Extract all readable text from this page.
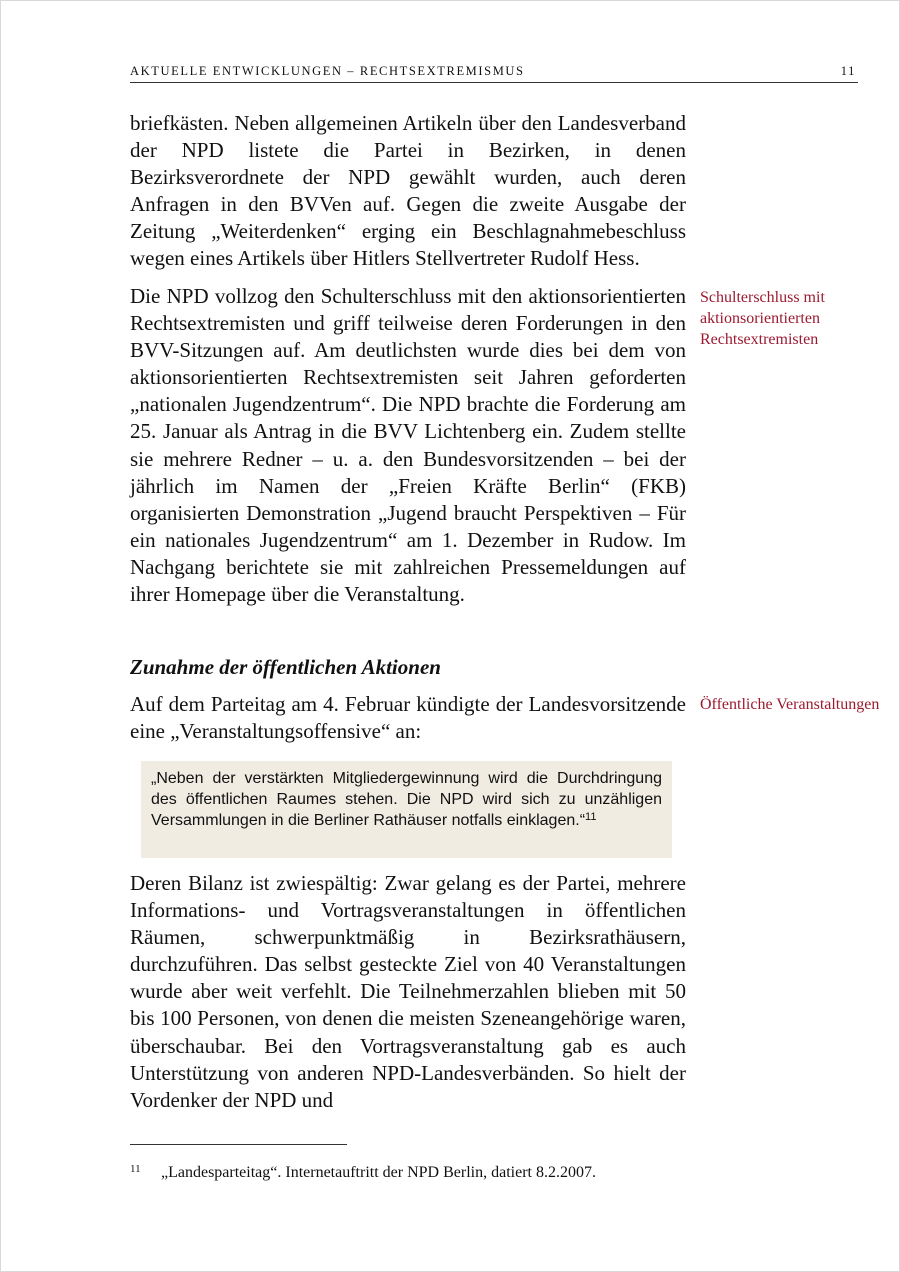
AKTUELLE ENTWICKLUNGEN – RECHTSEXTREMISMUS	11

briefkästen. Neben allgemeinen Artikeln über den Landesverband der NPD listete die Partei in Bezirken, in denen Bezirksverordnete der NPD gewählt wurden, auch deren Anfragen in den BVVen auf. Gegen die zweite Ausgabe der Zeitung „Weiterdenken“ erging ein Beschlagnahmebeschluss wegen eines Artikels über Hitlers Stellvertreter Rudolf Hess.

Die NPD vollzog den Schulterschluss mit den aktionsorientierten Rechtsextremisten und griff teilweise deren Forderungen in den BVV-Sitzungen auf. Am deutlichsten wurde dies bei dem von aktionsorientierten Rechtsextremisten seit Jahren geforderten „nationalen Jugendzentrum“. Die NPD brachte die Forderung am 25. Januar als Antrag in die BVV Lichtenberg ein. Zudem stellte sie mehrere Redner – u. a. den Bundesvorsitzenden – bei der jährlich im Namen der „Freien Kräfte Berlin“ (FKB) organisierten Demonstration „Jugend braucht Perspektiven – Für ein nationales Jugendzentrum“ am 1. Dezember in Rudow. Im Nachgang berichtete sie mit zahlreichen Pressemeldungen auf ihrer Homepage über die Veranstaltung.

Schulterschluss mit aktionsorientierten Rechtsextremisten
Zunahme der öffentlichen Aktionen

Auf dem Parteitag am 4. Februar kündigte der Landesvorsitzende eine „Veranstaltungsoffensive“ an:

Öffentliche Veranstaltungen
„Neben der verstärkten Mitgliedergewinnung wird die Durchdringung des öffentlichen Raumes stehen. Die NPD wird sich zu unzähligen Versammlungen in die Berliner Rathäuser notfalls einklagen.“$^{11}$

Deren Bilanz ist zwiespältig: Zwar gelang es der Partei, mehrere Informations- und Vortragsveranstaltungen in öffentlichen Räumen, schwerpunktmäßig in Bezirksrathäusern, durchzuführen. Das selbst gesteckte Ziel von 40 Veranstaltungen wurde aber weit verfehlt. Die Teilnehmerzahlen blieben mit 50 bis 100 Personen, von denen die meisten Szeneangehörige waren, überschaubar. Bei den Vortragsveranstaltung gab es auch Unterstützung von anderen NPD-Landesverbänden. So hielt der Vordenker der NPD und

11 „Landesparteitag“. Internetauftritt der NPD Berlin, datiert 8.2.2007.
